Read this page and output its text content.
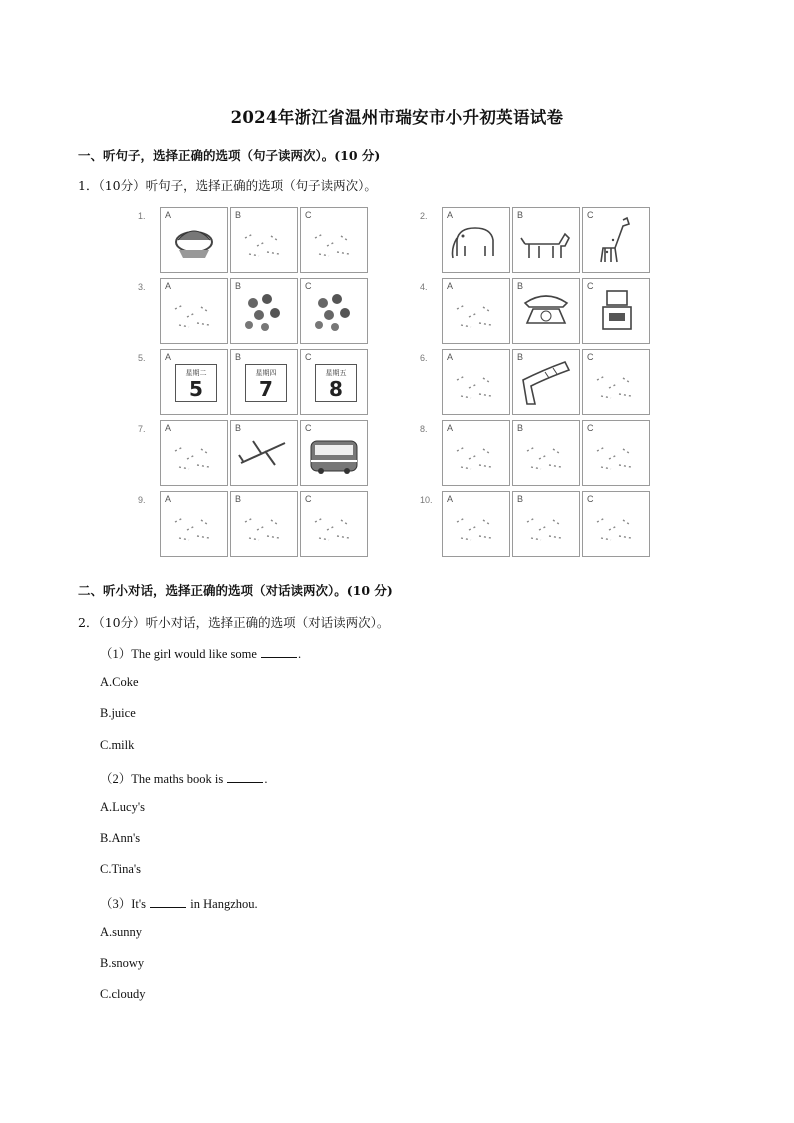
2024年浙江省温州市瑞安市小升初英语试卷
一、听句子，选择正确的选项（句子读两次）。(10 分)
1．（10分）听句子，选择正确的选项（句子读两次）。
1. A	B	C	2. A	B	C
3. A	B	C	4. A	B	C
5. A
星期二
5
B
星期四
7
C
星期五
8
6. A	B	C
7. A	B	C	8. A	B	C
9. A	B	C	10. A	B	C
二、听小对话，选择正确的选项（对话读两次）。(10 分)
2．（10分）听小对话，选择正确的选项（对话读两次）。
（1）The girl would like some	.
A.Coke
B.juice
C.milk
（2）The maths book is	.
A.Lucy's
B.Ann's
C.Tina's
（3）It's	in Hangzhou.
A.sunny
B.snowy
C.cloudy
